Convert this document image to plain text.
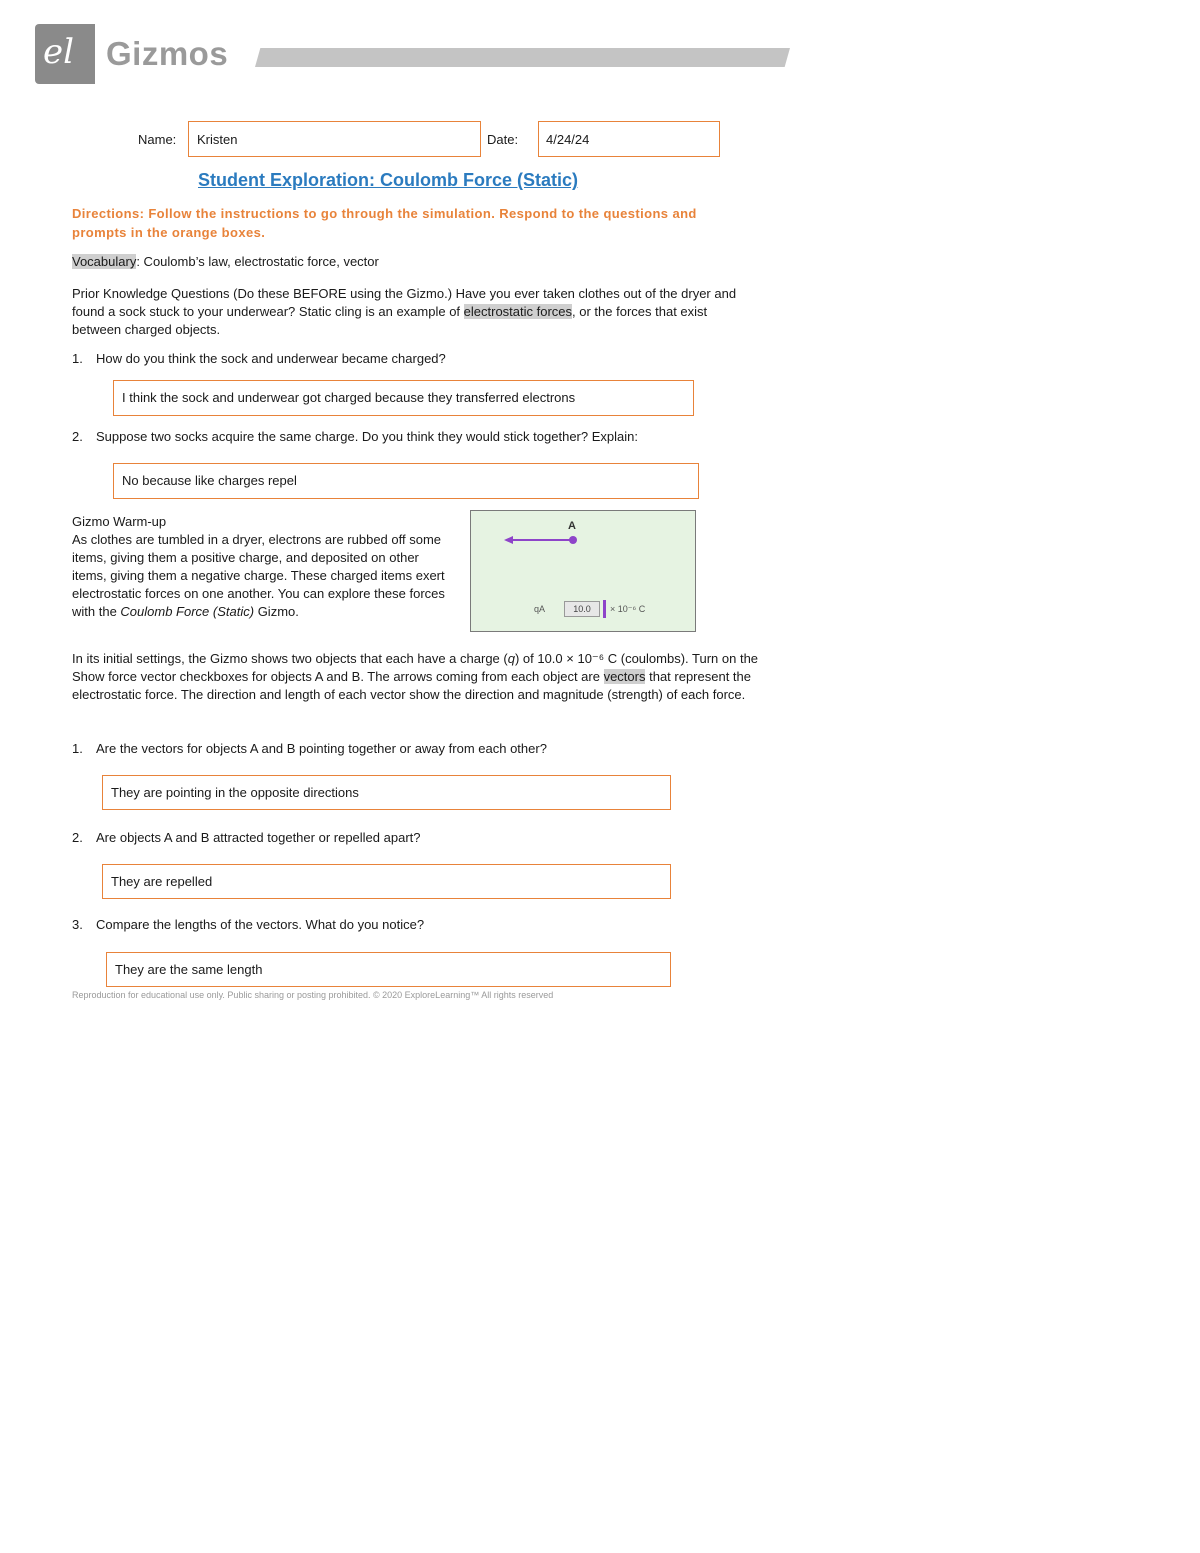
el Gizmos
Name: Kristen	Date: 4/24/24
Student Exploration: Coulomb Force (Static)
Directions: Follow the instructions to go through the simulation. Respond to the questions and prompts in the orange boxes.
Vocabulary: Coulomb’s law, electrostatic force, vector
Prior Knowledge Questions (Do these BEFORE using the Gizmo.) Have you ever taken clothes out of the dryer and found a sock stuck to your underwear? Static cling is an example of electrostatic forces, or the forces that exist between charged objects.
1. How do you think the sock and underwear became charged?
I think the sock and underwear got charged because they transferred electrons
2. Suppose two socks acquire the same charge. Do you think they would stick together? Explain:
No because like charges repel
Gizmo Warm-up
As clothes are tumbled in a dryer, electrons are rubbed off some items, giving them a positive charge, and deposited on other items, giving them a negative charge. These charged items exert electrostatic forces on one another. You can explore these forces with the Coulomb Force (Static) Gizmo.
A
qA	10.0	× 10⁻⁶ C
In its initial settings, the Gizmo shows two objects that each have a charge (q) of 10.0 × 10⁻⁶ C (coulombs). Turn on the Show force vector checkboxes for objects A and B. The arrows coming from each object are vectors that represent the electrostatic force. The direction and length of each vector show the direction and magnitude (strength) of each force.
1. Are the vectors for objects A and B pointing together or away from each other?
They are pointing in the opposite directions
2. Are objects A and B attracted together or repelled apart?
They are repelled
3. Compare the lengths of the vectors. What do you notice?
They are the same length
Reproduction for educational use only. Public sharing or posting prohibited. © 2020 ExploreLearning™ All rights reserved
